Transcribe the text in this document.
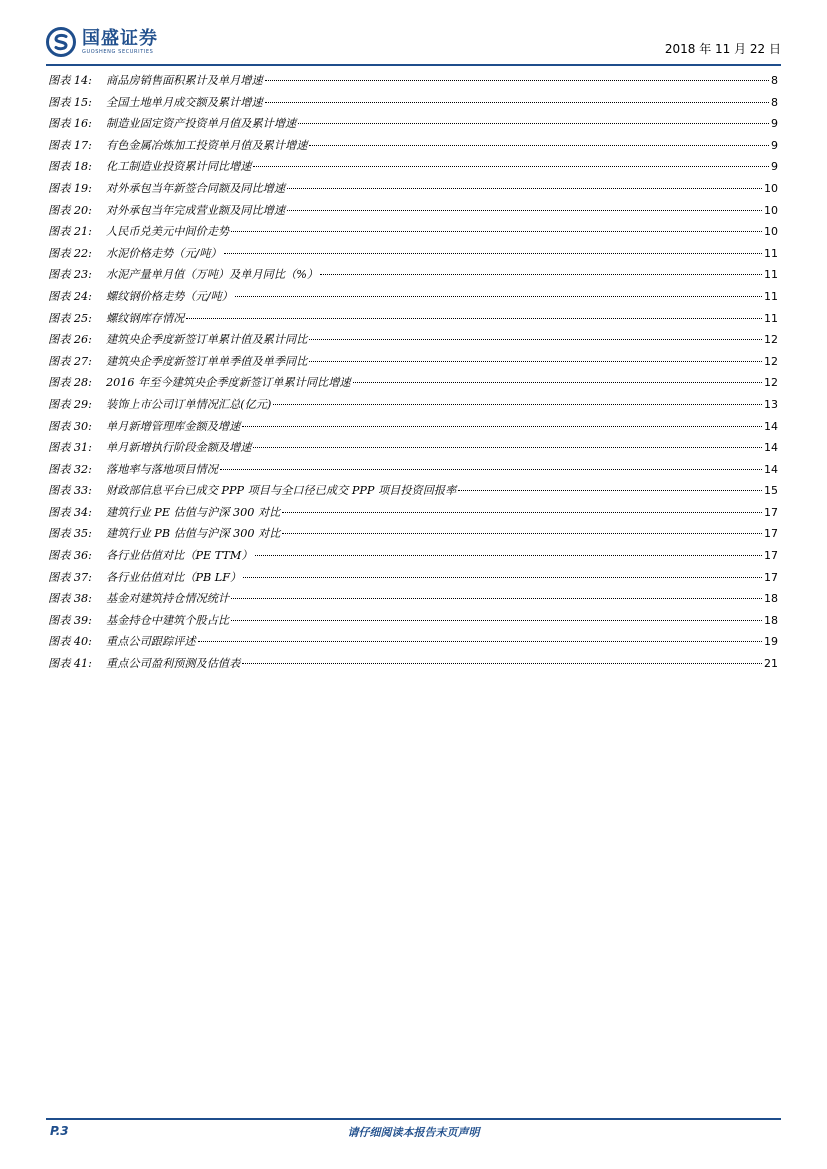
国盛证券
GUOSHENG SECURITIES	2018 年 11 月 22 日
图表 14:	商品房销售面积累计及单月增速	8
图表 15:	全国土地单月成交额及累计增速	8
图表 16:	制造业固定资产投资单月值及累计增速	9
图表 17:	有色金属冶炼加工投资单月值及累计增速	9
图表 18:	化工制造业投资累计同比增速	9
图表 19:	对外承包当年新签合同额及同比增速	10
图表 20:	对外承包当年完成营业额及同比增速	10
图表 21:	人民币兑美元中间价走势	10
图表 22:	水泥价格走势（元/吨）	11
图表 23:	水泥产量单月值（万吨）及单月同比（%）	11
图表 24:	螺纹钢价格走势（元/吨）	11
图表 25:	螺纹钢库存情况	11
图表 26:	建筑央企季度新签订单累计值及累计同比	12
图表 27:	建筑央企季度新签订单单季值及单季同比	12
图表 28:	2016 年至今建筑央企季度新签订单累计同比增速	12
图表 29:	装饰上市公司订单情况汇总(亿元)	13
图表 30:	单月新增管理库金额及增速	14
图表 31:	单月新增执行阶段金额及增速	14
图表 32:	落地率与落地项目情况	14
图表 33:	财政部信息平台已成交 PPP 项目与全口径已成交 PPP 项目投资回报率	15
图表 34:	建筑行业 PE 估值与沪深 300 对比	17
图表 35:	建筑行业 PB 估值与沪深 300 对比	17
图表 36:	各行业估值对比（PE TTM）	17
图表 37:	各行业估值对比（PB LF）	17
图表 38:	基金对建筑持仓情况统计	18
图表 39:	基金持仓中建筑个股占比	18
图表 40:	重点公司跟踪评述	19
图表 41:	重点公司盈利预测及估值表	21
P.3	请仔细阅读本报告末页声明
